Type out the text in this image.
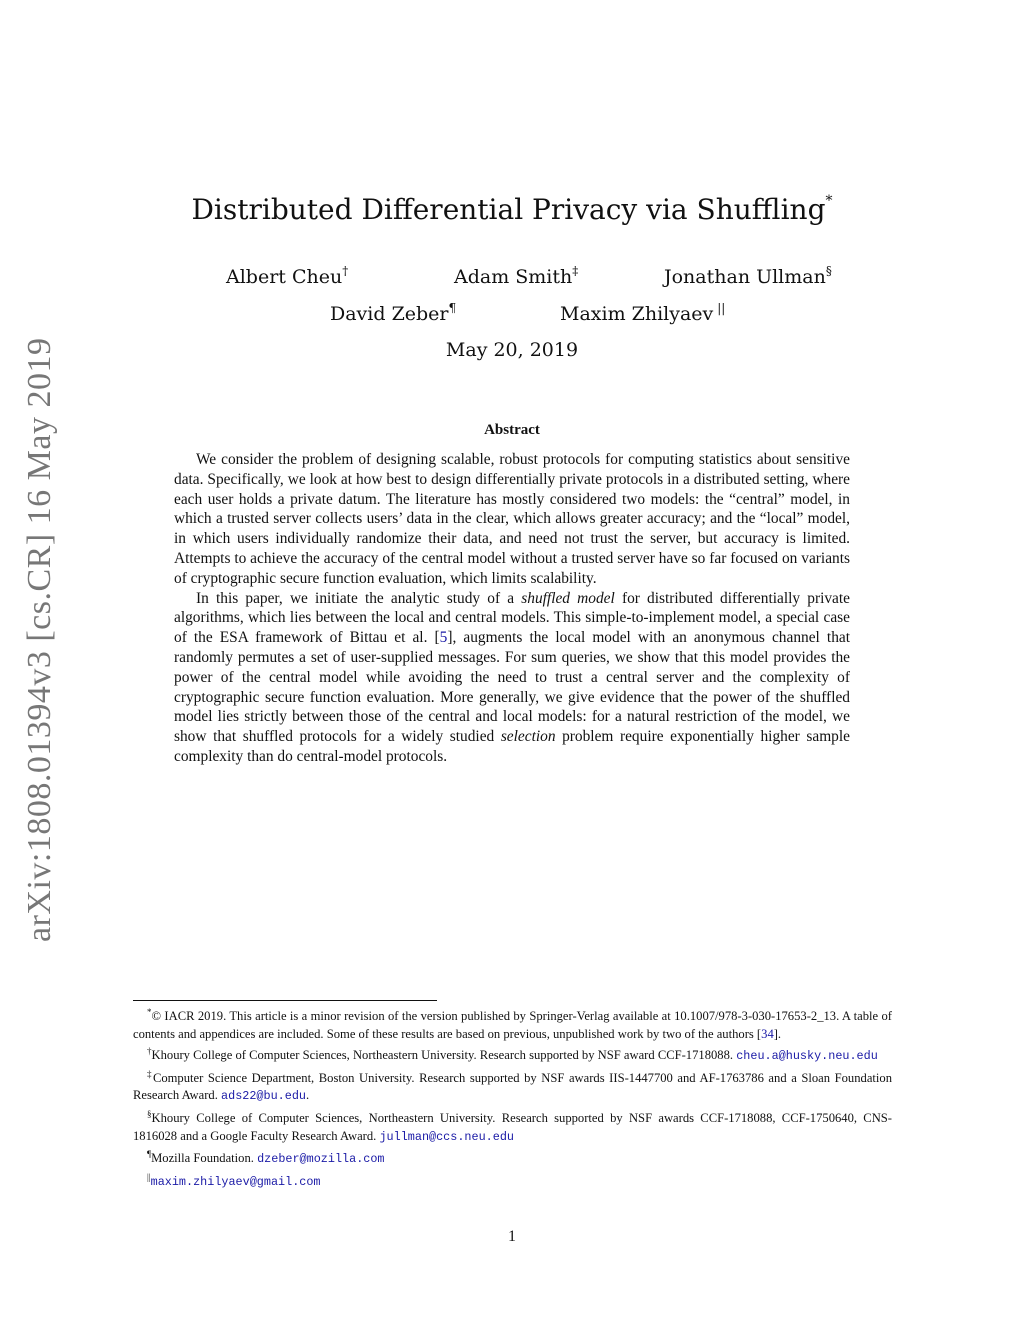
arXiv:1808.01394v3 [cs.CR] 16 May 2019
Distributed Differential Privacy via Shuffling*
Albert Cheu†	Adam Smith‡	Jonathan Ullman§
David Zeber¶	Maxim Zhilyaev ||
May 20, 2019
Abstract

We consider the problem of designing scalable, robust protocols for computing statistics about sensitive data. Specifically, we look at how best to design differentially private protocols in a distributed setting, where each user holds a private datum. The literature has mostly considered two models: the “central” model, in which a trusted server collects users’ data in the clear, which allows greater accuracy; and the “local” model, in which users individually randomize their data, and need not trust the server, but accuracy is limited. Attempts to achieve the accuracy of the central model without a trusted server have so far focused on variants of cryptographic secure function evaluation, which limits scalability.

In this paper, we initiate the analytic study of a shuffled model for distributed differentially private algorithms, which lies between the local and central models. This simple-to-implement model, a special case of the ESA framework of Bittau et al. [5], augments the local model with an anonymous channel that randomly permutes a set of user-supplied messages. For sum queries, we show that this model provides the power of the central model while avoiding the need to trust a central server and the complexity of cryptographic secure function evaluation. More generally, we give evidence that the power of the shuffled model lies strictly between those of the central and local models: for a natural restriction of the model, we show that shuffled protocols for a widely studied selection problem require exponentially higher sample complexity than do central-model protocols.

*© IACR 2019. This article is a minor revision of the version published by Springer-Verlag available at 10.1007/978-3-030-17653-2_13. A table of contents and appendices are included. Some of these results are based on previous, unpublished work by two of the authors [34].

†Khoury College of Computer Sciences, Northeastern University. Research supported by NSF award CCF-1718088. cheu.a@husky.neu.edu

‡Computer Science Department, Boston University. Research supported by NSF awards IIS-1447700 and AF-1763786 and a Sloan Foundation Research Award. ads22@bu.edu.

§Khoury College of Computer Sciences, Northeastern University. Research supported by NSF awards CCF-1718088, CCF-1750640, CNS-1816028 and a Google Faculty Research Award. jullman@ccs.neu.edu

¶Mozilla Foundation. dzeber@mozilla.com

||maxim.zhilyaev@gmail.com

1
